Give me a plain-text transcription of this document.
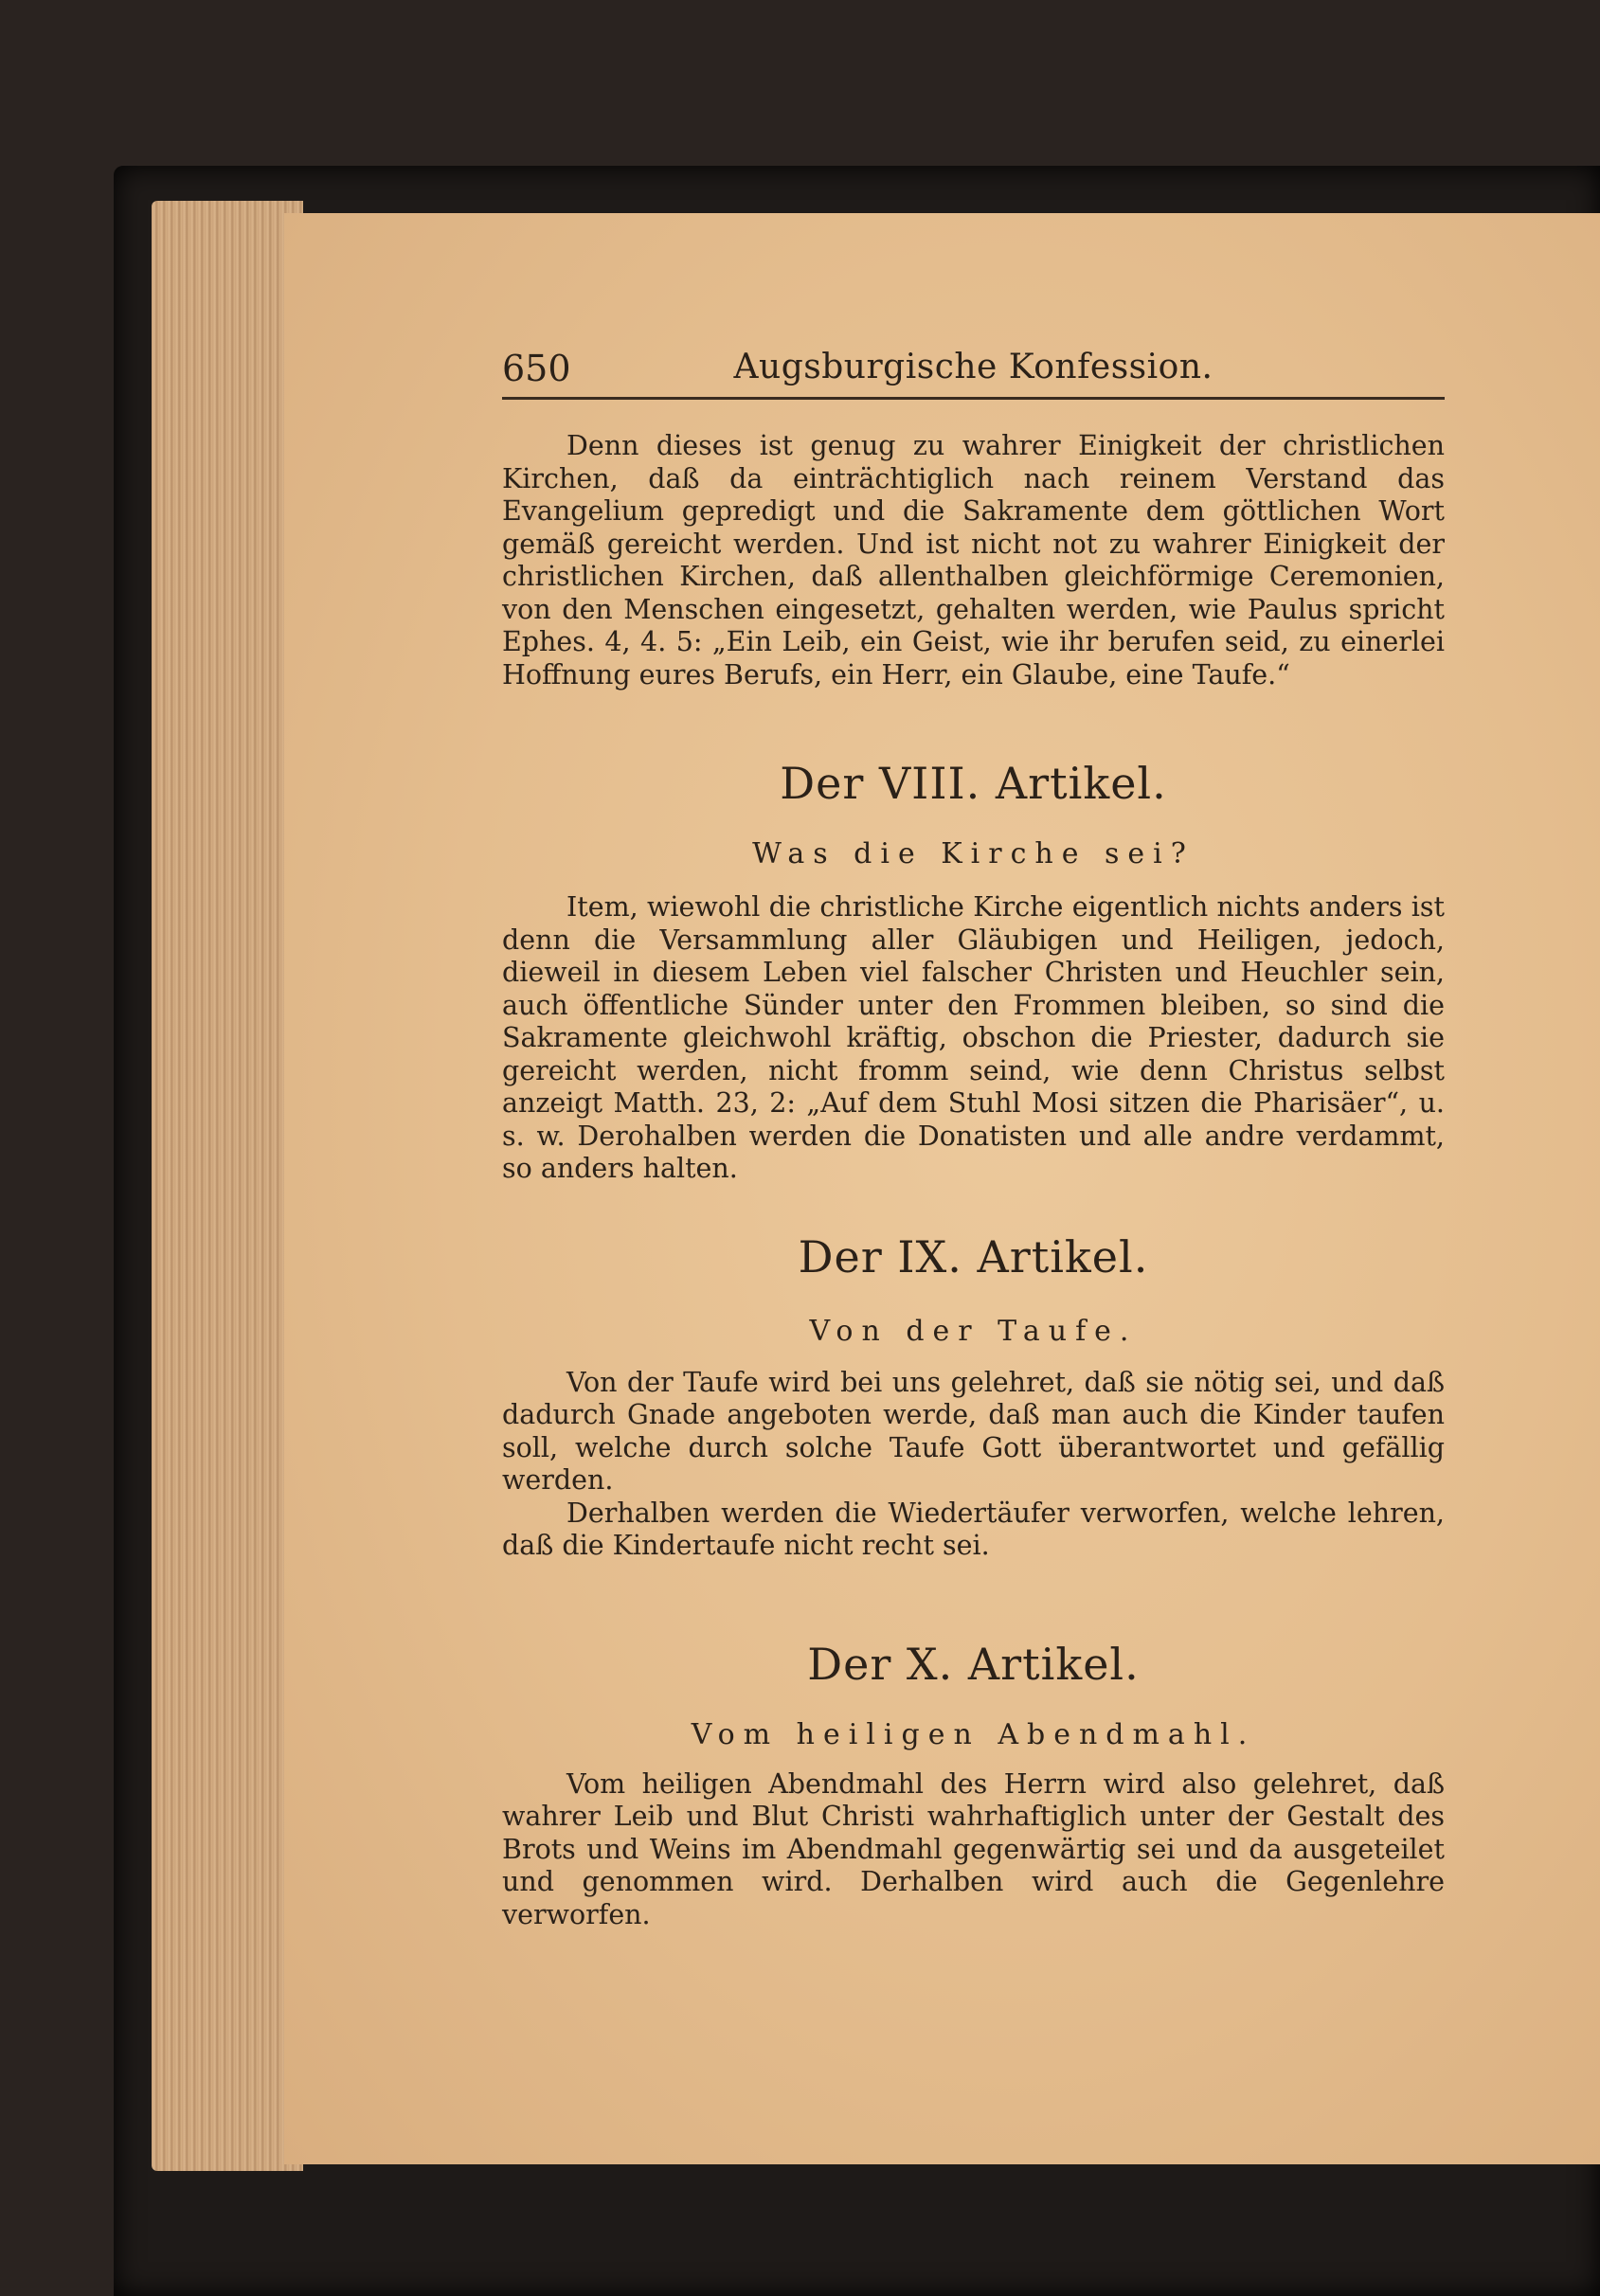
650	Augsburgische Konfession.

Denn dieses ist genug zu wahrer Einigkeit der christlichen Kirchen, daß da einträchtiglich nach reinem Verstand das Evangelium gepredigt und die Sakramente dem göttlichen Wort gemäß gereicht werden. Und ist nicht not zu wahrer Einigkeit der christlichen Kirchen, daß allenthalben gleichförmige Ceremonien, von den Menschen eingesetzt, gehalten werden, wie Paulus spricht Ephes. 4, 4. 5: „Ein Leib, ein Geist, wie ihr berufen seid, zu einerlei Hoffnung eures Berufs, ein Herr, ein Glaube, eine Taufe.“

Der VIII. Artikel.
Was die Kirche sei?

Item, wiewohl die christliche Kirche eigentlich nichts anders ist denn die Versammlung aller Gläubigen und Heiligen, jedoch, dieweil in diesem Leben viel falscher Christen und Heuchler sein, auch öffentliche Sünder unter den Frommen bleiben, so sind die Sakramente gleichwohl kräftig, obschon die Priester, dadurch sie gereicht werden, nicht fromm seind, wie denn Christus selbst anzeigt Matth. 23, 2: „Auf dem Stuhl Mosi sitzen die Pharisäer“, u. s. w. Derohalben werden die Donatisten und alle andre verdammt, so anders halten.

Der IX. Artikel.
Von der Taufe.

Von der Taufe wird bei uns gelehret, daß sie nötig sei, und daß dadurch Gnade angeboten werde, daß man auch die Kinder taufen soll, welche durch solche Taufe Gott überantwortet und gefällig werden.

Derhalben werden die Wiedertäufer verworfen, welche lehren, daß die Kindertaufe nicht recht sei.

Der X. Artikel.
Vom heiligen Abendmahl.

Vom heiligen Abendmahl des Herrn wird also gelehret, daß wahrer Leib und Blut Christi wahrhaftiglich unter der Gestalt des Brots und Weins im Abendmahl gegenwärtig sei und da ausgeteilet und genommen wird. Derhalben wird auch die Gegenlehre verworfen.
